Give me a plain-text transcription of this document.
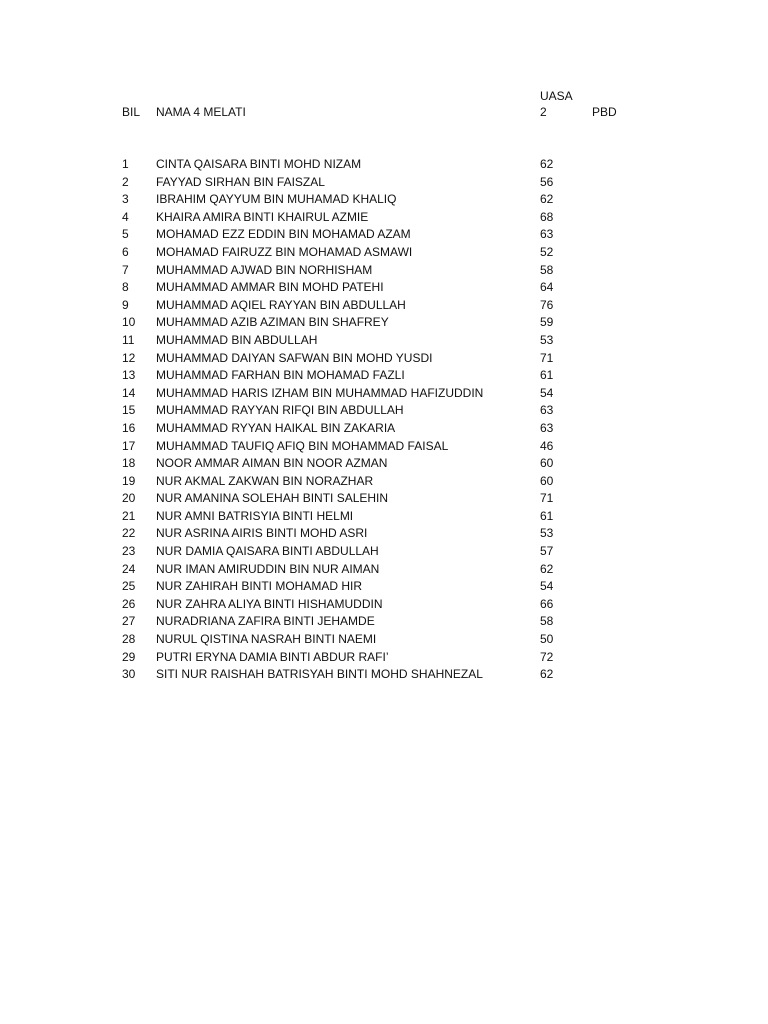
BIL NAMA 4 MELATI
UASA
2	PBD
1 CINTA QAISARA BINTI MOHD NIZAM	62
2 FAYYAD SIRHAN BIN FAISZAL	56
3 IBRAHIM QAYYUM BIN MUHAMAD KHALIQ	62
4 KHAIRA AMIRA BINTI KHAIRUL AZMIE	68
5 MOHAMAD EZZ EDDIN BIN MOHAMAD AZAM	63
6 MOHAMAD FAIRUZZ BIN MOHAMAD ASMAWI	52
7 MUHAMMAD AJWAD BIN NORHISHAM	58
8 MUHAMMAD AMMAR BIN MOHD PATEHI	64
9 MUHAMMAD AQIEL RAYYAN BIN ABDULLAH	76
10 MUHAMMAD AZIB AZIMAN BIN SHAFREY	59
11 MUHAMMAD BIN ABDULLAH	53
12 MUHAMMAD DAIYAN SAFWAN BIN MOHD YUSDI	71
13 MUHAMMAD FARHAN BIN MOHAMAD FAZLI	61
14 MUHAMMAD HARIS IZHAM BIN MUHAMMAD HAFIZUDDIN	54
15 MUHAMMAD RAYYAN RIFQI BIN ABDULLAH	63
16 MUHAMMAD RYYAN HAIKAL BIN ZAKARIA	63
17 MUHAMMAD TAUFIQ AFIQ BIN MOHAMMAD FAISAL	46
18 NOOR AMMAR AIMAN BIN NOOR AZMAN	60
19 NUR AKMAL ZAKWAN BIN NORAZHAR	60
20 NUR AMANINA SOLEHAH BINTI SALEHIN	71
21 NUR AMNI BATRISYIA BINTI HELMI	61
22 NUR ASRINA AIRIS BINTI MOHD ASRI	53
23 NUR DAMIA QAISARA BINTI ABDULLAH	57
24 NUR IMAN AMIRUDDIN BIN NUR AIMAN	62
25 NUR ZAHIRAH BINTI MOHAMAD HIR	54
26 NUR ZAHRA ALIYA BINTI HISHAMUDDIN	66
27 NURADRIANA ZAFIRA BINTI JEHAMDE	58
28 NURUL QISTINA NASRAH BINTI NAEMI	50
29 PUTRI ERYNA DAMIA BINTI ABDUR RAFI’	72
30 SITI NUR RAISHAH BATRISYAH BINTI MOHD SHAHNEZAL	62
